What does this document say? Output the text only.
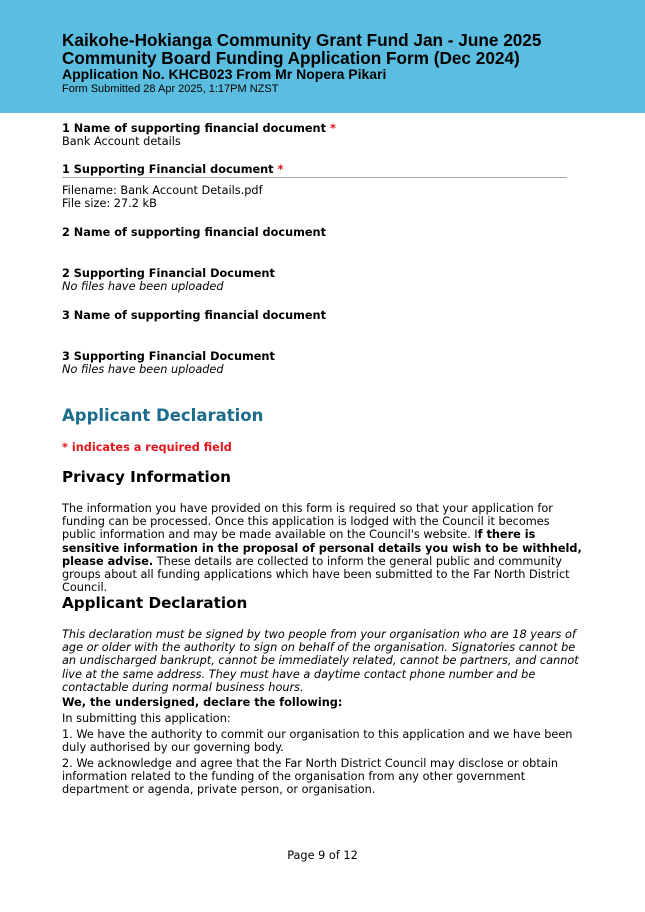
Kaikohe-Hokianga Community Grant Fund Jan - June 2025
Community Board Funding Application Form (Dec 2024)
Application No. KHCB023 From Mr Nopera Pikari
Form Submitted 28 Apr 2025, 1:17PM NZST
1 Name of supporting financial document *
Bank Account details
1 Supporting Financial document *
Filename: Bank Account Details.pdf
File size: 27.2 kB
2 Name of supporting financial document
2 Supporting Financial Document
No files have been uploaded
3 Name of supporting financial document
3 Supporting Financial Document
No files have been uploaded
Applicant Declaration
* indicates a required field
Privacy Information
The information you have provided on this form is required so that your application for funding can be processed. Once this application is lodged with the Council it becomes public information and may be made available on the Council's website. If there is sensitive information in the proposal of personal details you wish to be withheld, please advise. These details are collected to inform the general public and community groups about all funding applications which have been submitted to the Far North District Council.
Applicant Declaration
This declaration must be signed by two people from your organisation who are 18 years of age or older with the authority to sign on behalf of the organisation. Signatories cannot be an undischarged bankrupt, cannot be immediately related, cannot be partners, and cannot live at the same address. They must have a daytime contact phone number and be contactable during normal business hours.
We, the undersigned, declare the following:
In submitting this application:
1. We have the authority to commit our organisation to this application and we have been duly authorised by our governing body.
2. We acknowledge and agree that the Far North District Council may disclose or obtain information related to the funding of the organisation from any other government department or agenda, private person, or organisation.
Page 9 of 12
